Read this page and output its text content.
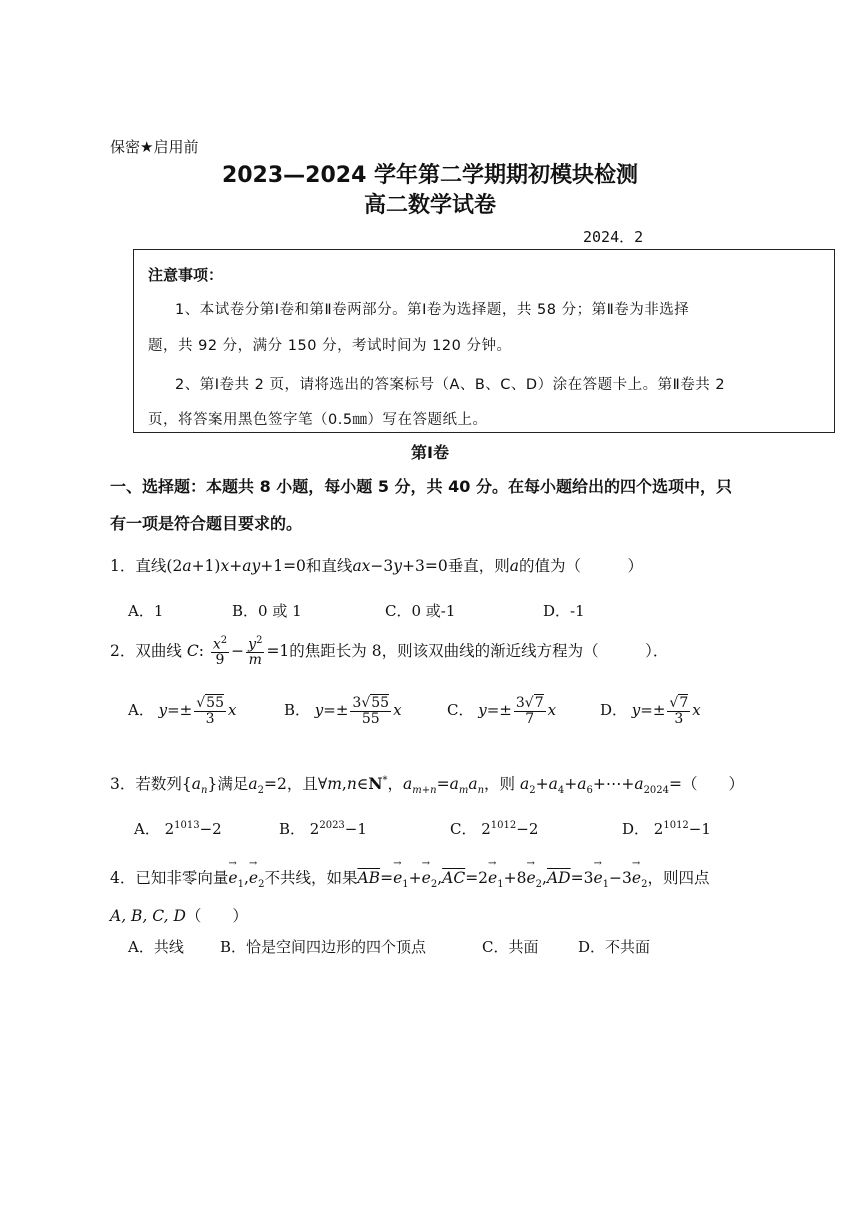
保密★启用前
2023—2024 学年第二学期期初模块检测
高二数学试卷
2024．2
注意事项：
1、本试卷分第Ⅰ卷和第Ⅱ卷两部分。第Ⅰ卷为选择题，共 58 分；第Ⅱ卷为非选择
题，共 92 分，满分 150 分，考试时间为 120 分钟。
2、第Ⅰ卷共 2 页，请将选出的答案标号（A、B、C、D）涂在答题卡上。第Ⅱ卷共 2
页，将答案用黑色签字笔（0.5㎜）写在答题纸上。
第Ⅰ卷
一、选择题：本题共 8 小题，每小题 5 分，共 40 分。在每小题给出的四个选项中，只
有一项是符合题目要求的。
1．直线(2a+1)x+ay+1=0和直线ax−3y+3=0垂直，则a的值为（　　　）
A．1	B．0 或 1	C．0 或-1	D．-1
2．双曲线 C: $\frac{x^2}{9} - \frac{y^2}{m} =1$的焦距长为 8，则该双曲线的渐近线方程为（　　　）．
A． $y=\pm \frac{√55}{3}$ x	B． $y=\pm \frac{3√55}{55}$ x	C． $y=\pm \frac{3√7}{7}$ x	D． $y=\pm \frac{√7}{3}$ x
3．若数列$\{a_n\}$满足$a_2=2$，且∀m,n∈N*，$a_{m+n}=a_ma_n$，则 $a_2+a_4+a_6+\cdots+a_{2024}=$（　　）
A． $2^{1013}-2$	B． $2^{2023}-1$	C． $2^{1012}-2$	D． $2^{1012}-1$
4．已知非零向量→ $e_1,\to e_2$不共线，如果$\overline{AB}=\to e_1+\to e_2,\overline{AC}=2\to e_1+8\to e_2,\overline{AD}=3\to e_1-3\to e_2$，则四点
A, B, C, D（　　）
A．共线 B．恰是空间四边形的四个顶点	C．共面	D．不共面
